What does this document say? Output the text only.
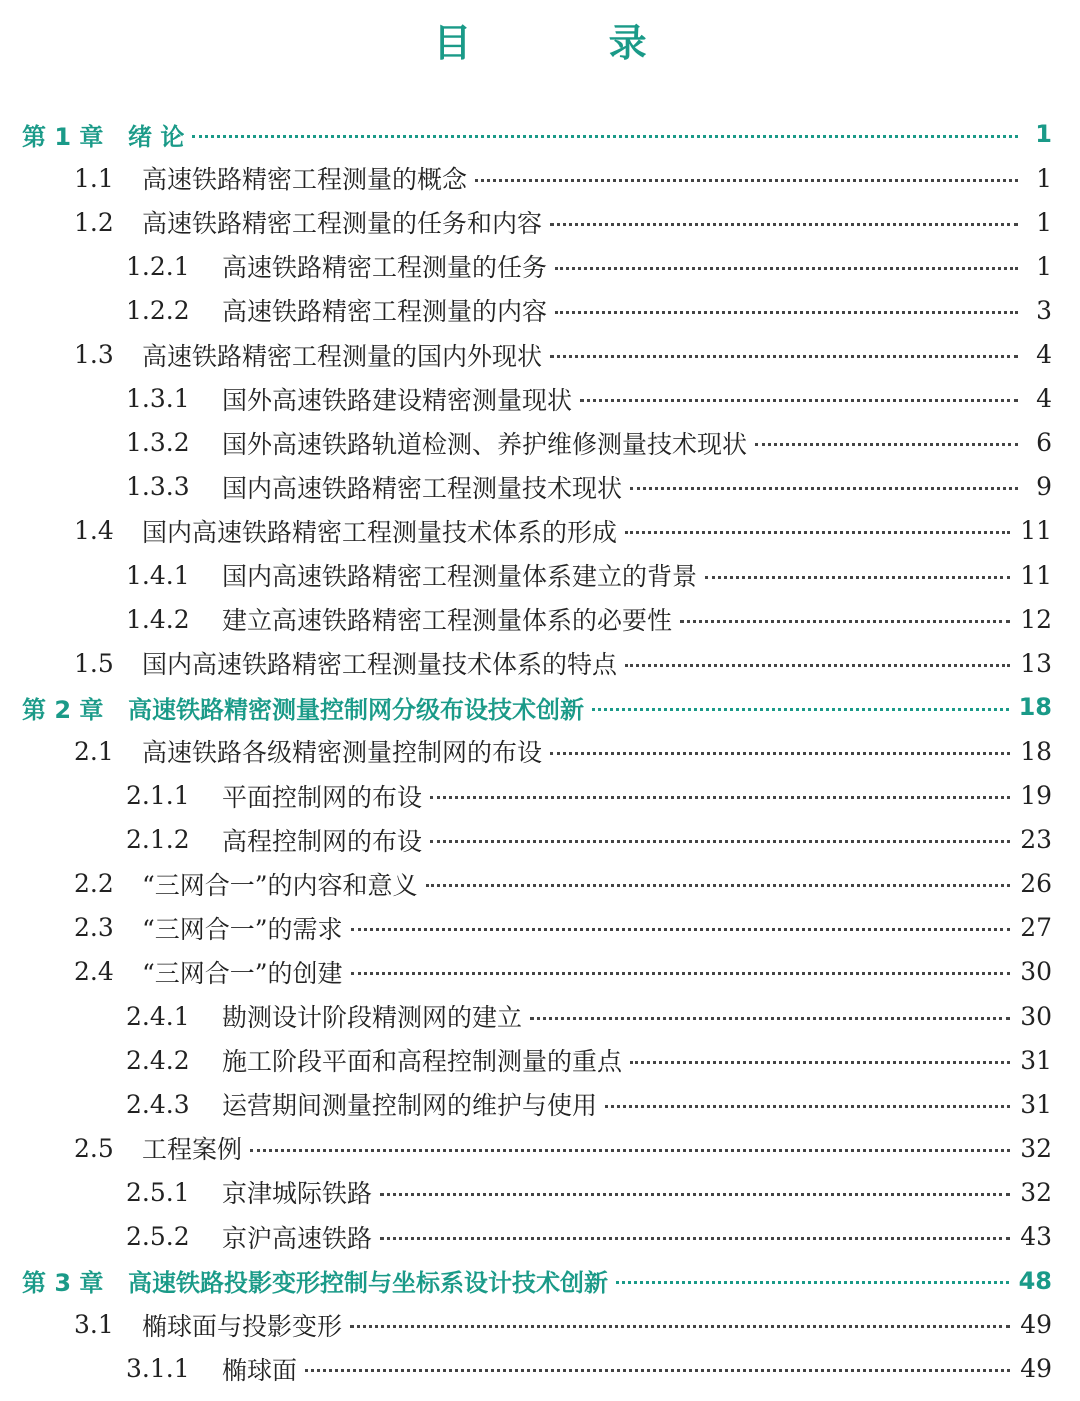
目 录
第 1 章	绪 论	1
1.1	高速铁路精密工程测量的概念	1
1.2	高速铁路精密工程测量的任务和内容	1
1.2.1	高速铁路精密工程测量的任务	1
1.2.2	高速铁路精密工程测量的内容	3
1.3	高速铁路精密工程测量的国内外现状	4
1.3.1	国外高速铁路建设精密测量现状	4
1.3.2	国外高速铁路轨道检测、养护维修测量技术现状	6
1.3.3	国内高速铁路精密工程测量技术现状	9
1.4	国内高速铁路精密工程测量技术体系的形成	11
1.4.1	国内高速铁路精密工程测量体系建立的背景	11
1.4.2	建立高速铁路精密工程测量体系的必要性	12
1.5	国内高速铁路精密工程测量技术体系的特点	13
第 2 章	高速铁路精密测量控制网分级布设技术创新	18
2.1	高速铁路各级精密测量控制网的布设	18
2.1.1	平面控制网的布设	19
2.1.2	高程控制网的布设	23
2.2	“三网合一”的内容和意义	26
2.3	“三网合一”的需求	27
2.4	“三网合一”的创建	30
2.4.1	勘测设计阶段精测网的建立	30
2.4.2	施工阶段平面和高程控制测量的重点	31
2.4.3	运营期间测量控制网的维护与使用	31
2.5	工程案例	32
2.5.1	京津城际铁路	32
2.5.2	京沪高速铁路	43
第 3 章	高速铁路投影变形控制与坐标系设计技术创新	48
3.1	椭球面与投影变形	49
3.1.1	椭球面	49
